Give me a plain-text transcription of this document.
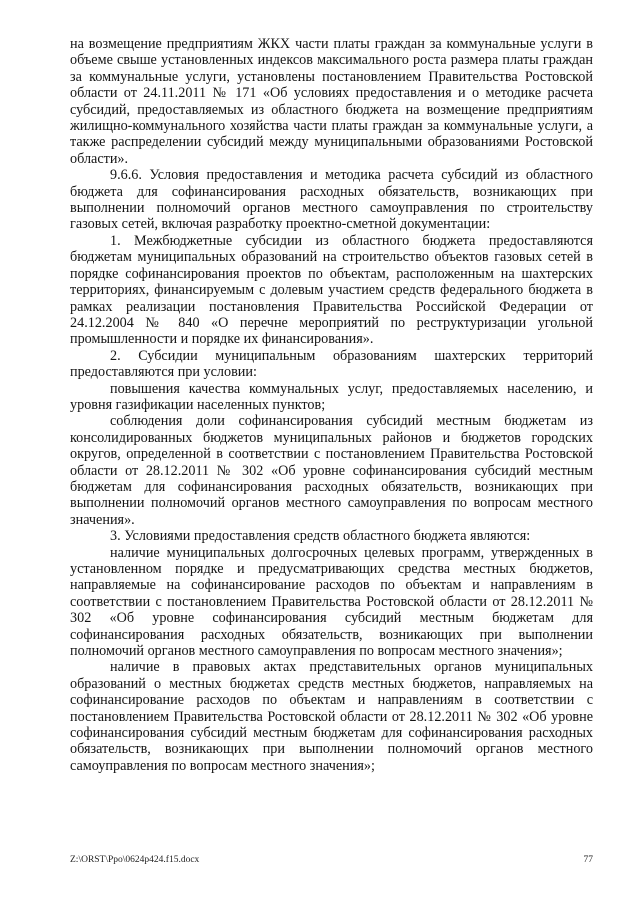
на возмещение предприятиям ЖКХ части платы граждан за коммунальные услуги в объеме свыше установленных индексов максимального роста размера платы граждан за коммунальные услуги, установлены постановлением Правительства Ростовской области от 24.11.2011 № 171 «Об условиях предоставления и о методике расчета субсидий, предоставляемых из областного бюджета на возмещение предприятиям жилищно-коммунального хозяйства части платы граждан за коммунальные услуги, а также распределении субсидий между муниципальными образованиями Ростовской области».

9.6.6. Условия предоставления и методика расчета субсидий из областного бюджета для софинансирования расходных обязательств, возникающих при выполнении полномочий органов местного самоуправления по строительству газовых сетей, включая разработку проектно-сметной документации:

1. Межбюджетные субсидии из областного бюджета предоставляются бюджетам муниципальных образований на строительство объектов газовых сетей в порядке софинансирования проектов по объектам, расположенным на шахтерских территориях, финансируемым с долевым участием средств федерального бюджета в рамках реализации постановления Правительства Российской Федерации от 24.12.2004 № 840 «О перечне мероприятий по реструктуризации угольной промышленности и порядке их финансирования».

2. Субсидии муниципальным образованиям шахтерских территорий предоставляются при условии:

повышения качества коммунальных услуг, предоставляемых населению, и уровня газификации населенных пунктов;

соблюдения доли софинансирования субсидий местным бюджетам из консолидированных бюджетов муниципальных районов и бюджетов городских округов, определенной в соответствии с постановлением Правительства Ростовской области от 28.12.2011 № 302 «Об уровне софинансирования субсидий местным бюджетам для софинансирования расходных обязательств, возникающих при выполнении полномочий органов местного самоуправления по вопросам местного значения».

3. Условиями предоставления средств областного бюджета являются:

наличие муниципальных долгосрочных целевых программ, утвержденных в установленном порядке и предусматривающих средства местных бюджетов, направляемые на софинансирование расходов по объектам и направлениям в соответствии с постановлением Правительства Ростовской области от 28.12.2011 № 302 «Об уровне софинансирования субсидий местным бюджетам для софинансирования расходных обязательств, возникающих при выполнении полномочий органов местного самоуправления по вопросам местного значения»;

наличие в правовых актах представительных органов муниципальных образований о местных бюджетах средств местных бюджетов, направляемых на софинансирование расходов по объектам и направлениям в соответствии с постановлением Правительства Ростовской области от 28.12.2011 № 302 «Об уровне софинансирования субсидий местным бюджетам для софинансирования расходных обязательств, возникающих при выполнении полномочий органов местного самоуправления по вопросам местного значения»;

Z:\ORST\Ppo\0624p424.f15.docx	77
